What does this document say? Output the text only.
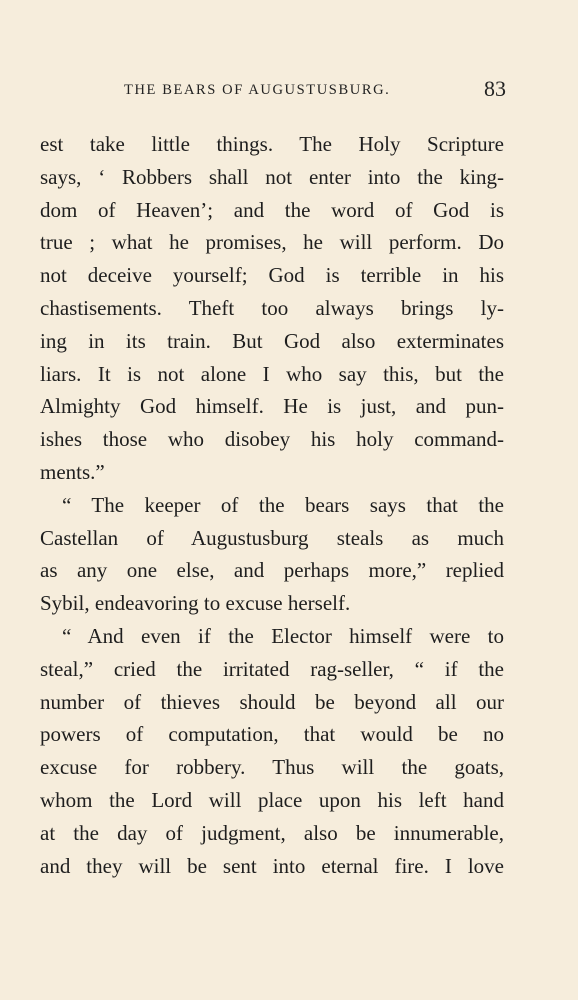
THE BEARS OF AUGUSTUSBURG.	83
est take little things. The Holy Scripture
says, ‘ Robbers shall not enter into the king-
dom of Heaven’; and the word of God is
true ; what he promises, he will perform. Do
not deceive yourself; God is terrible in his
chastisements. Theft too always brings ly-
ing in its train. But God also exterminates
liars. It is not alone I who say this, but the
Almighty God himself. He is just, and pun-
ishes those who disobey his holy command-
ments.”
“ The keeper of the bears says that the
Castellan of Augustusburg steals as much
as any one else, and perhaps more,” replied
Sybil, endeavoring to excuse herself.
“ And even if the Elector himself were to
steal,” cried the irritated rag-seller, “ if the
number of thieves should be beyond all our
powers of computation, that would be no
excuse for robbery. Thus will the goats,
whom the Lord will place upon his left hand
at the day of judgment, also be innumerable,
and they will be sent into eternal fire. I love
